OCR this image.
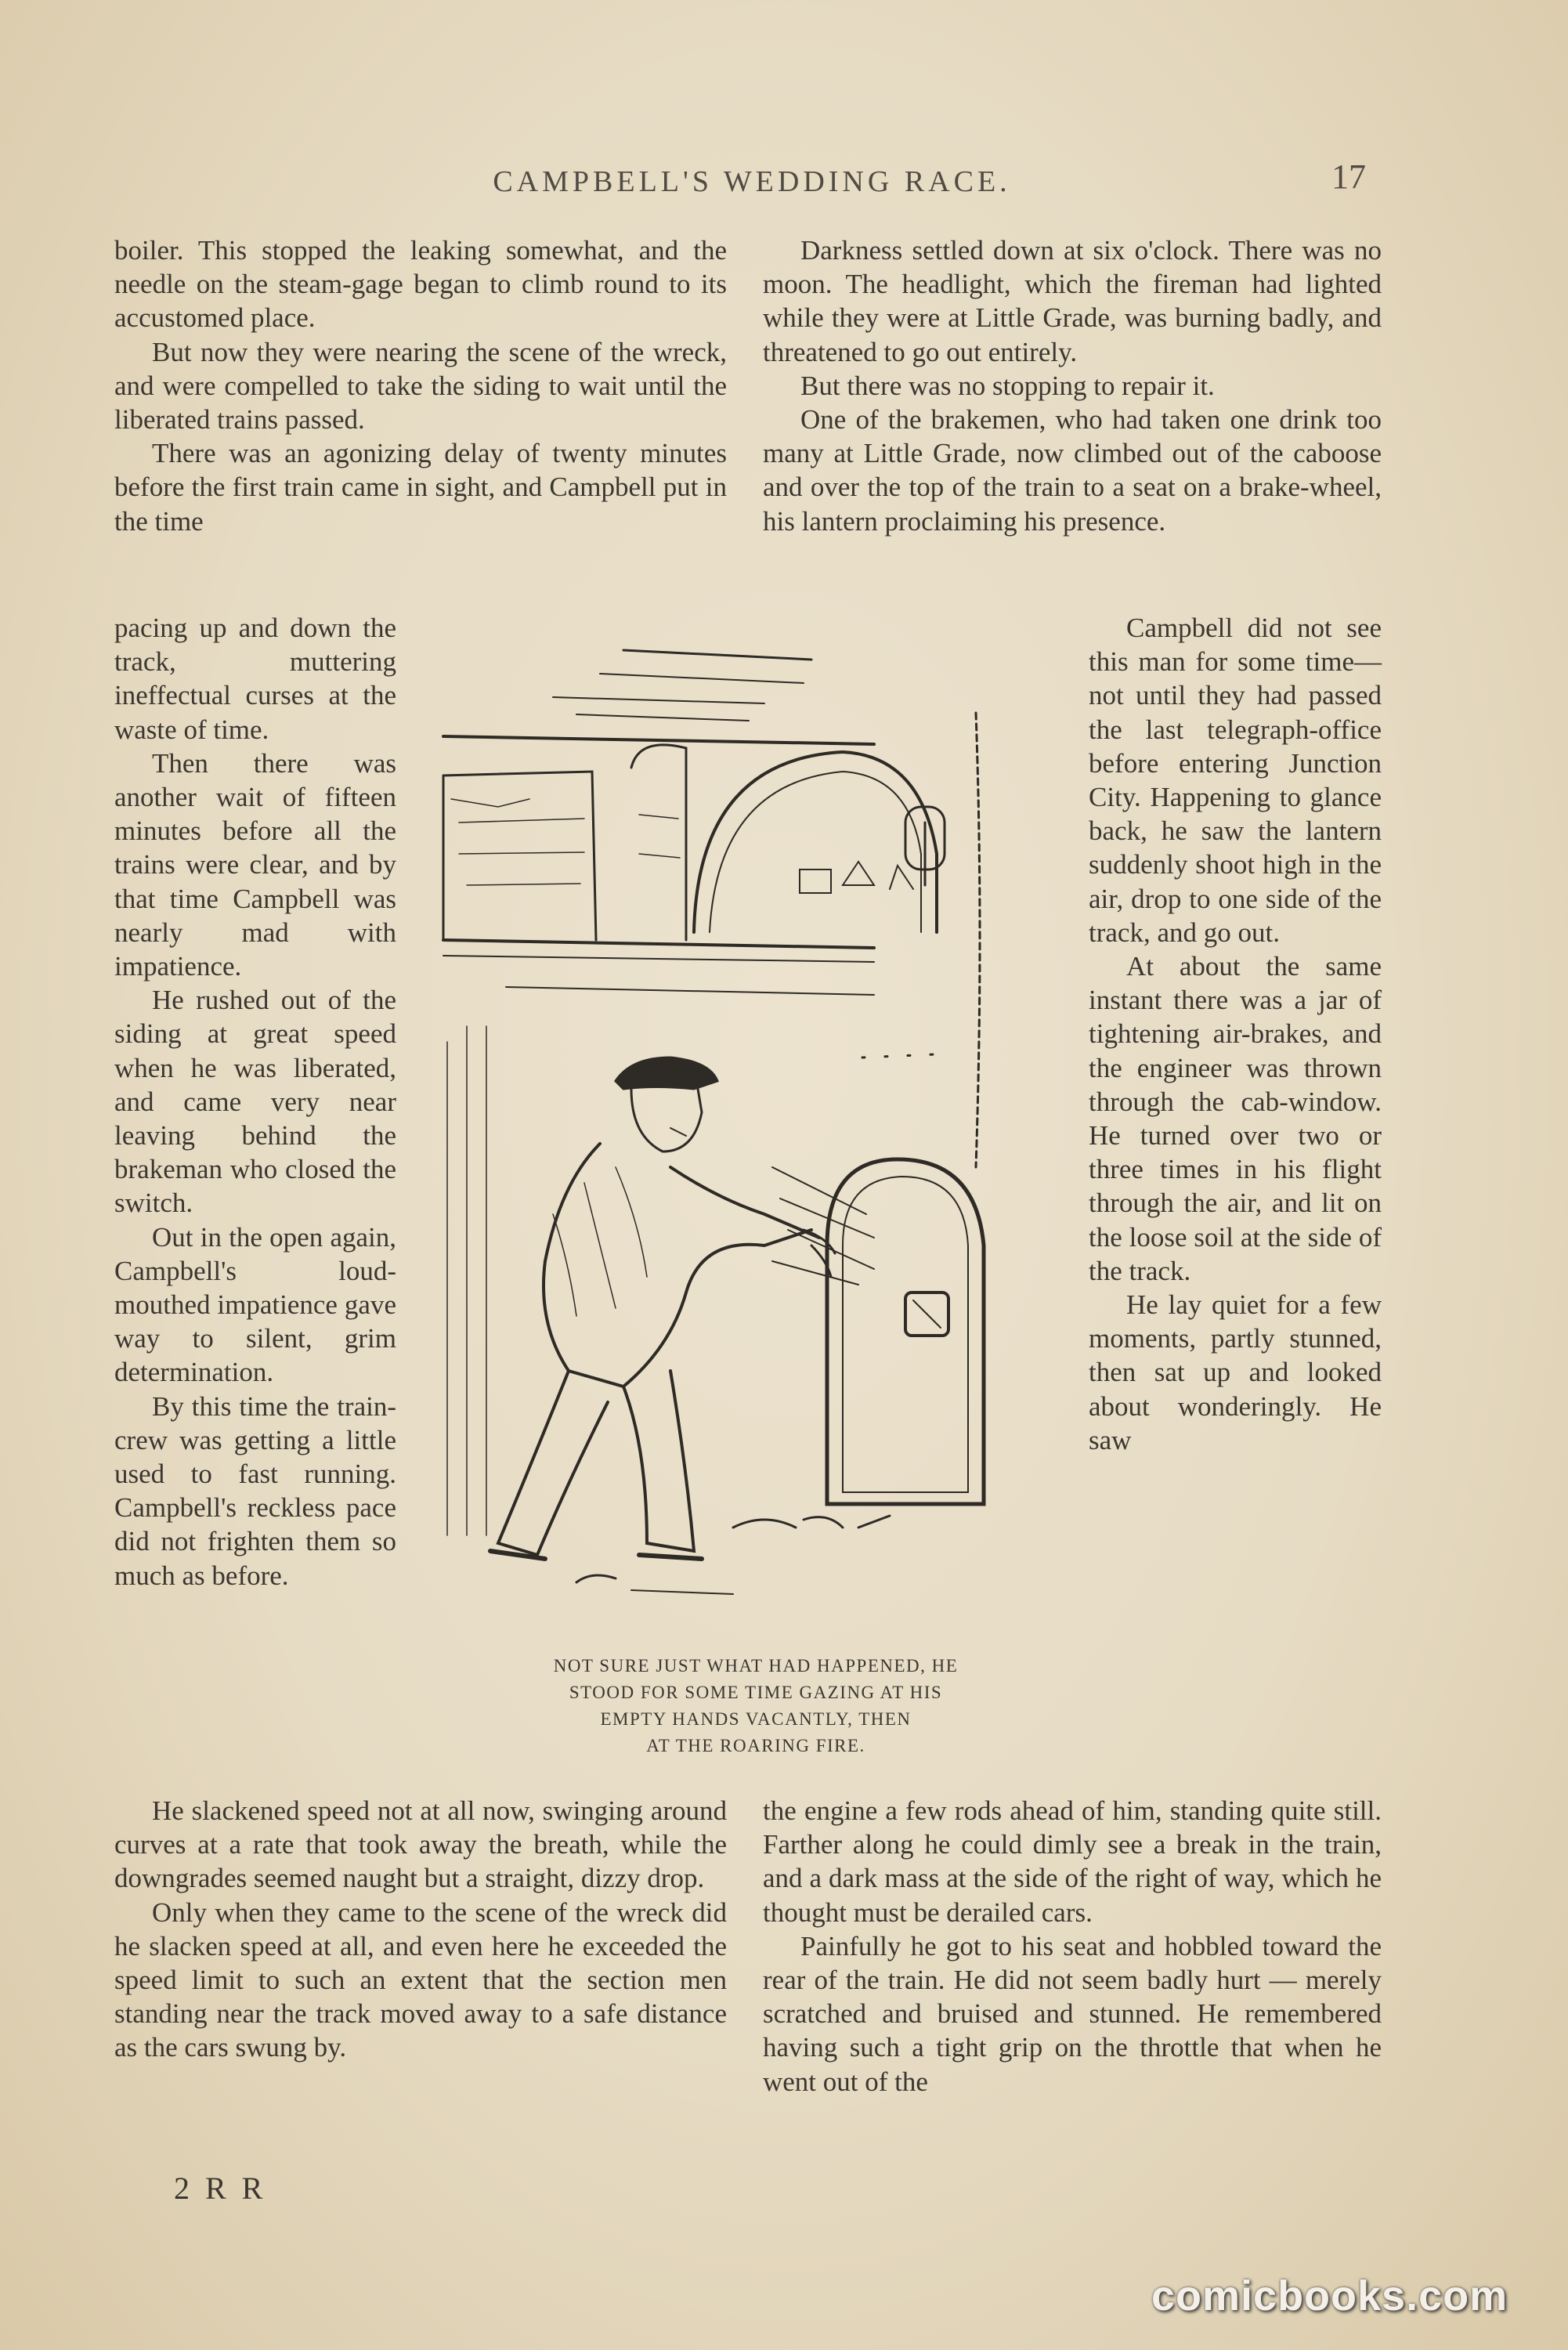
CAMPBELL'S WEDDING RACE.	17

boiler. This stopped the leaking somewhat, and the needle on the steam-gage began to climb round to its accustomed place.

But now they were nearing the scene of the wreck, and were compelled to take the siding to wait until the liberated trains passed.

There was an agonizing delay of twenty minutes before the first train came in sight, and Campbell put in the time

Darkness settled down at six o'clock. There was no moon. The headlight, which the fireman had lighted while they were at Little Grade, was burning badly, and threatened to go out entirely.

But there was no stopping to repair it.

One of the brakemen, who had taken one drink too many at Little Grade, now climbed out of the caboose and over the top of the train to a seat on a brake-wheel, his lantern proclaiming his presence.

pacing up and down the track, muttering ineffectual curses at the waste of time.

Then there was another wait of fifteen minutes before all the trains were clear, and by that time Campbell was nearly mad with impatience.

He rushed out of the siding at great speed when he was liberated, and came very near leaving behind the brakeman who closed the switch.

Out in the open again, Campbell's loud-mouthed impatience gave way to silent, grim determination.

By this time the train-crew was getting a little used to fast running. Campbell's reckless pace did not frighten them so much as before.

Campbell did not see this man for some time—not until they had passed the last telegraph-office before entering Junction City. Happening to glance back, he saw the lantern suddenly shoot high in the air, drop to one side of the track, and go out.

At about the same instant there was a jar of tightening air-brakes, and the engineer was thrown through the cab-window. He turned over two or three times in his flight through the air, and lit on the loose soil at the side of the track.

He lay quiet for a few moments, partly stunned, then sat up and looked about wonderingly. He saw

NOT SURE JUST WHAT HAD HAPPENED, HE
STOOD FOR SOME TIME GAZING AT HIS
EMPTY HANDS VACANTLY, THEN
AT THE ROARING FIRE.

He slackened speed not at all now, swinging around curves at a rate that took away the breath, while the downgrades seemed naught but a straight, dizzy drop.

Only when they came to the scene of the wreck did he slacken speed at all, and even here he exceeded the speed limit to such an extent that the section men standing near the track moved away to a safe distance as the cars swung by.

the engine a few rods ahead of him, standing quite still. Farther along he could dimly see a break in the train, and a dark mass at the side of the right of way, which he thought must be derailed cars.

Painfully he got to his seat and hobbled toward the rear of the train. He did not seem badly hurt — merely scratched and bruised and stunned. He remembered having such a tight grip on the throttle that when he went out of the

2 R R
comicbooks.com
